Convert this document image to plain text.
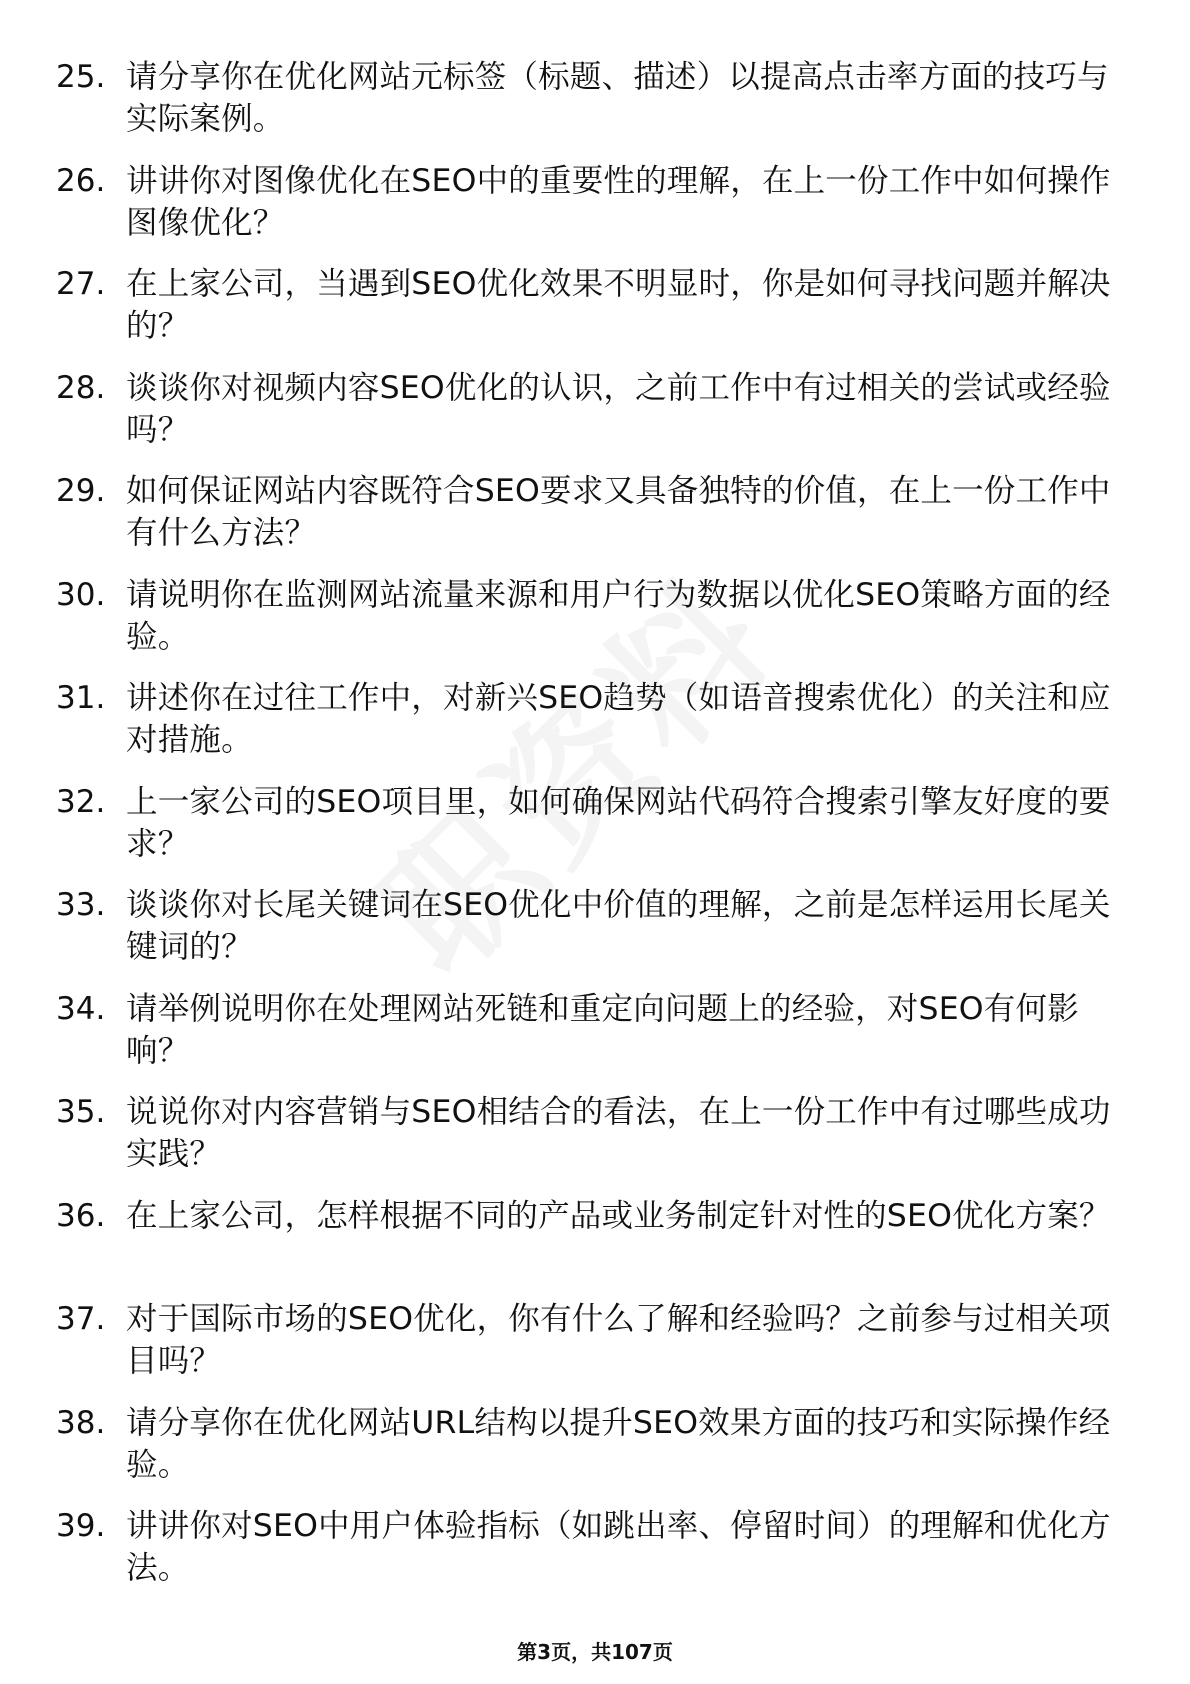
25. 请分享你在优化网站元标签（标题、描述）以提高点击率方面的技巧与实际案例。
26. 讲讲你对图像优化在SEO中的重要性的理解，在上一份工作中如何操作图像优化？
27. 在上家公司，当遇到SEO优化效果不明显时，你是如何寻找问题并解决的？
28. 谈谈你对视频内容SEO优化的认识，之前工作中有过相关的尝试或经验吗？
29. 如何保证网站内容既符合SEO要求又具备独特的价值，在上一份工作中有什么方法？
30. 请说明你在监测网站流量来源和用户行为数据以优化SEO策略方面的经验。
31. 讲述你在过往工作中，对新兴SEO趋势（如语音搜索优化）的关注和应对措施。
32. 上一家公司的SEO项目里，如何确保网站代码符合搜索引擎友好度的要求？
33. 谈谈你对长尾关键词在SEO优化中价值的理解，之前是怎样运用长尾关键词的？
34. 请举例说明你在处理网站死链和重定向问题上的经验，对SEO有何影响？
35. 说说你对内容营销与SEO相结合的看法，在上一份工作中有过哪些成功实践？
36. 在上家公司，怎样根据不同的产品或业务制定针对性的SEO优化方案？
37. 对于国际市场的SEO优化，你有什么了解和经验吗？之前参与过相关项目吗？
38. 请分享你在优化网站URL结构以提升SEO效果方面的技巧和实际操作经验。
39. 讲讲你对SEO中用户体验指标（如跳出率、停留时间）的理解和优化方法。
第3页，共107页
